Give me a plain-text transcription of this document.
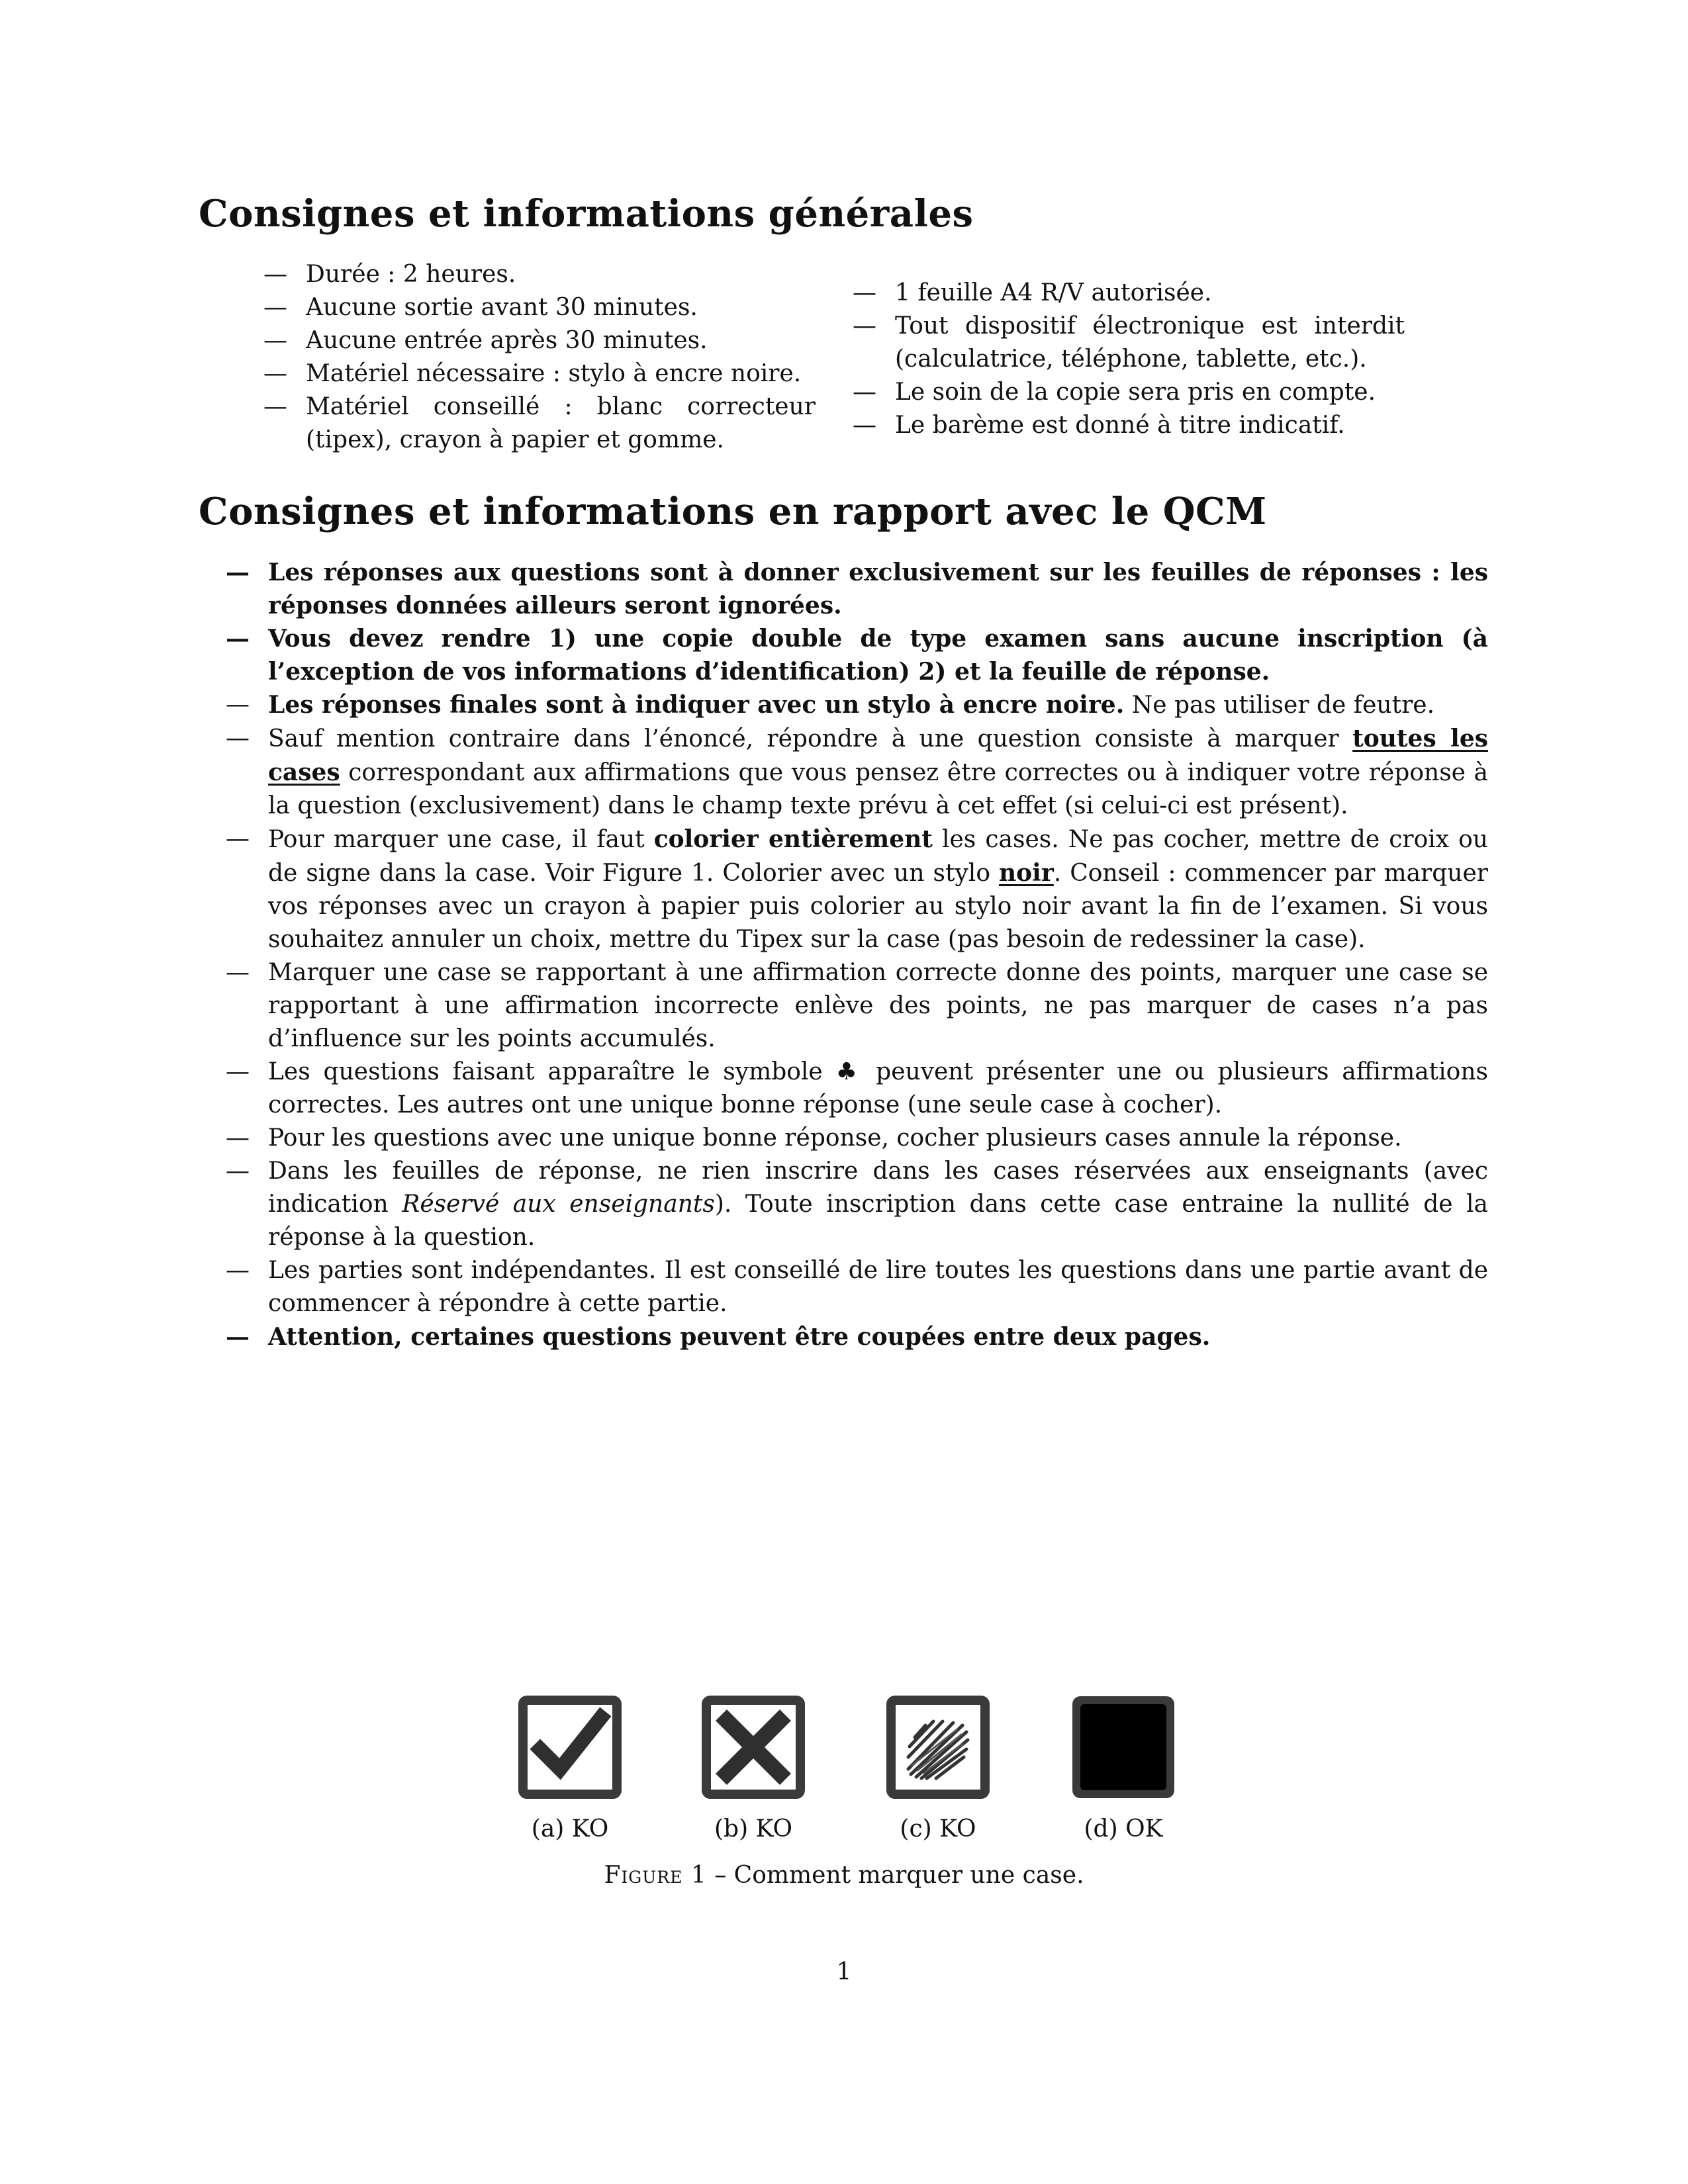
Consignes et informations générales
— Durée : 2 heures.
— Aucune sortie avant 30 minutes.
— Aucune entrée après 30 minutes.
— Matériel nécessaire : stylo à encre noire.
— Matériel conseillé : blanc correcteur (tipex), crayon à papier et gomme.
— 1 feuille A4 R/V autorisée.
— Tout dispositif électronique est interdit (calculatrice, téléphone, tablette, etc.).
— Le soin de la copie sera pris en compte.
— Le barème est donné à titre indicatif.
Consignes et informations en rapport avec le QCM
— Les réponses aux questions sont à donner exclusivement sur les feuilles de réponses : les réponses données ailleurs seront ignorées.
— Vous devez rendre 1) une copie double de type examen sans aucune inscription (à l’exception de vos informations d’identification) 2) et la feuille de réponse.
— Les réponses finales sont à indiquer avec un stylo à encre noire. Ne pas utiliser de feutre.
— Sauf mention contraire dans l’énoncé, répondre à une question consiste à marquer toutes les cases correspondant aux affirmations que vous pensez être correctes ou à indiquer votre réponse à la question (exclusivement) dans le champ texte prévu à cet effet (si celui-ci est présent).
— Pour marquer une case, il faut colorier entièrement les cases. Ne pas cocher, mettre de croix ou de signe dans la case. Voir Figure 1. Colorier avec un stylo noir. Conseil : commencer par marquer vos réponses avec un crayon à papier puis colorier au stylo noir avant la fin de l’examen. Si vous souhaitez annuler un choix, mettre du Tipex sur la case (pas besoin de redessiner la case).
— Marquer une case se rapportant à une affirmation correcte donne des points, marquer une case se rapportant à une affirmation incorrecte enlève des points, ne pas marquer de cases n’a pas d’influence sur les points accumulés.
— Les questions faisant apparaître le symbole ♣ peuvent présenter une ou plusieurs affirmations correctes. Les autres ont une unique bonne réponse (une seule case à cocher).
— Pour les questions avec une unique bonne réponse, cocher plusieurs cases annule la réponse.
— Dans les feuilles de réponse, ne rien inscrire dans les cases réservées aux enseignants (avec indication Réservé aux enseignants). Toute inscription dans cette case entraine la nullité de la réponse à la question.
— Les parties sont indépendantes. Il est conseillé de lire toutes les questions dans une partie avant de commencer à répondre à cette partie.
— Attention, certaines questions peuvent être coupées entre deux pages.
(a) KO	(b) KO	(c) KO	(d) OK
Figure 1 – Comment marquer une case.
1
